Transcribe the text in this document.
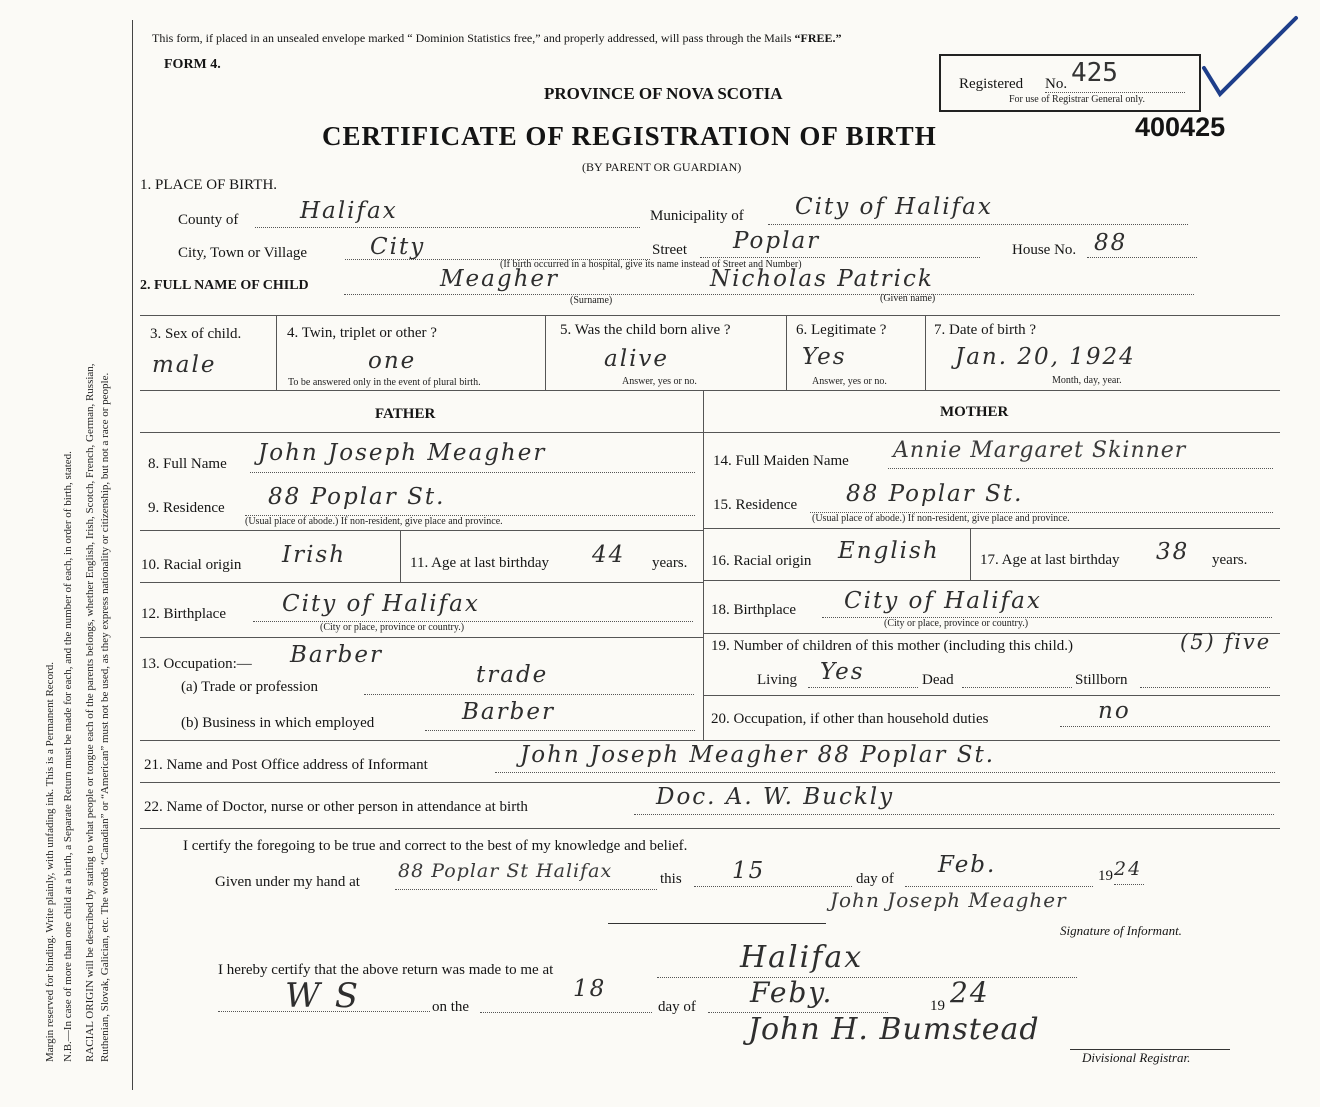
Margin reserved for binding. Write plainly, with unfading ink. This is a Permanent Record. N.B.—In case of more than one child at a birth, a Separate Return must be made for each, and the number of each, in order of birth, stated. RACIAL ORIGIN will be described by stating to what people or tongue each of the parents belongs, whether English, Irish, Scotch, French, German, Russian, Ruthenian, Slovak, Galician, etc. The words “Canadian” or “American” must not be used, as they express nationality or citizenship, but not a race or people.
This form, if placed in an unsealed envelope marked “ Dominion Statistics free,” and properly addressed, will pass through the Mails “FREE.”
FORM 4.
PROVINCE OF NOVA SCOTIA
CERTIFICATE OF REGISTRATION OF BIRTH
(BY PARENT OR GUARDIAN)
Registered No. 425
For use of Registrar General only.
400425
1. PLACE OF BIRTH.
County of	Halifax	Municipality of City of Halifax
City, Town or Village	City	Street Poplar	House No. 88
(If birth occurred in a hospital, give its name instead of Street and Number)
2. FULL NAME OF CHILD	Meagher	Nicholas Patrick
(Surname)	(Given name)
3. Sex of child.
male
4. Twin, triplet or other ?
one
To be answered only in the event of plural birth.
5. Was the child born alive ?
alive
Answer, yes or no.
6. Legitimate ?
Yes
Answer, yes or no.
7. Date of birth ?
Jan. 20, 1924
Month, day, year.
FATHER	MOTHER
8. Full Name John Joseph Meagher
9. Residence 88 Poplar St.
(Usual place of abode.) If non-resident, give place and province.
10. Racial origin Irish	11. Age at last birthday 44 years.
12. Birthplace City of Halifax
(City or place, province or country.)
13. Occupation:— Barber
(a) Trade or profession	trade
(b) Business in which employed	Barber
14. Full Maiden Name Annie Margaret Skinner
15. Residence 88 Poplar St.
(Usual place of abode.) If non-resident, give place and province.
16. Racial origin English	17. Age at last birthday 38 years.
18. Birthplace City of Halifax
(City or place, province or country.)
19. Number of children of this mother (including this child.)	(5) five
Living Yes	Dead	Stillborn
20. Occupation, if other than household duties	no
21. Name and Post Office address of Informant	John Joseph Meagher 88 Poplar St.
22. Name of Doctor, nurse or other person in attendance at birth	Doc. A. W. Buckly
I certify the foregoing to be true and correct to the best of my knowledge and belief.
Given under my hand at 88 Poplar St Halifax	this 15	day of
Feb.	19 24
John Joseph Meagher
Signature of Informant.
I hereby certify that the above return was made to me at	Halifax
W S	on the
18
day of Feby.	19 24
John H. Bumstead
Divisional Registrar.
